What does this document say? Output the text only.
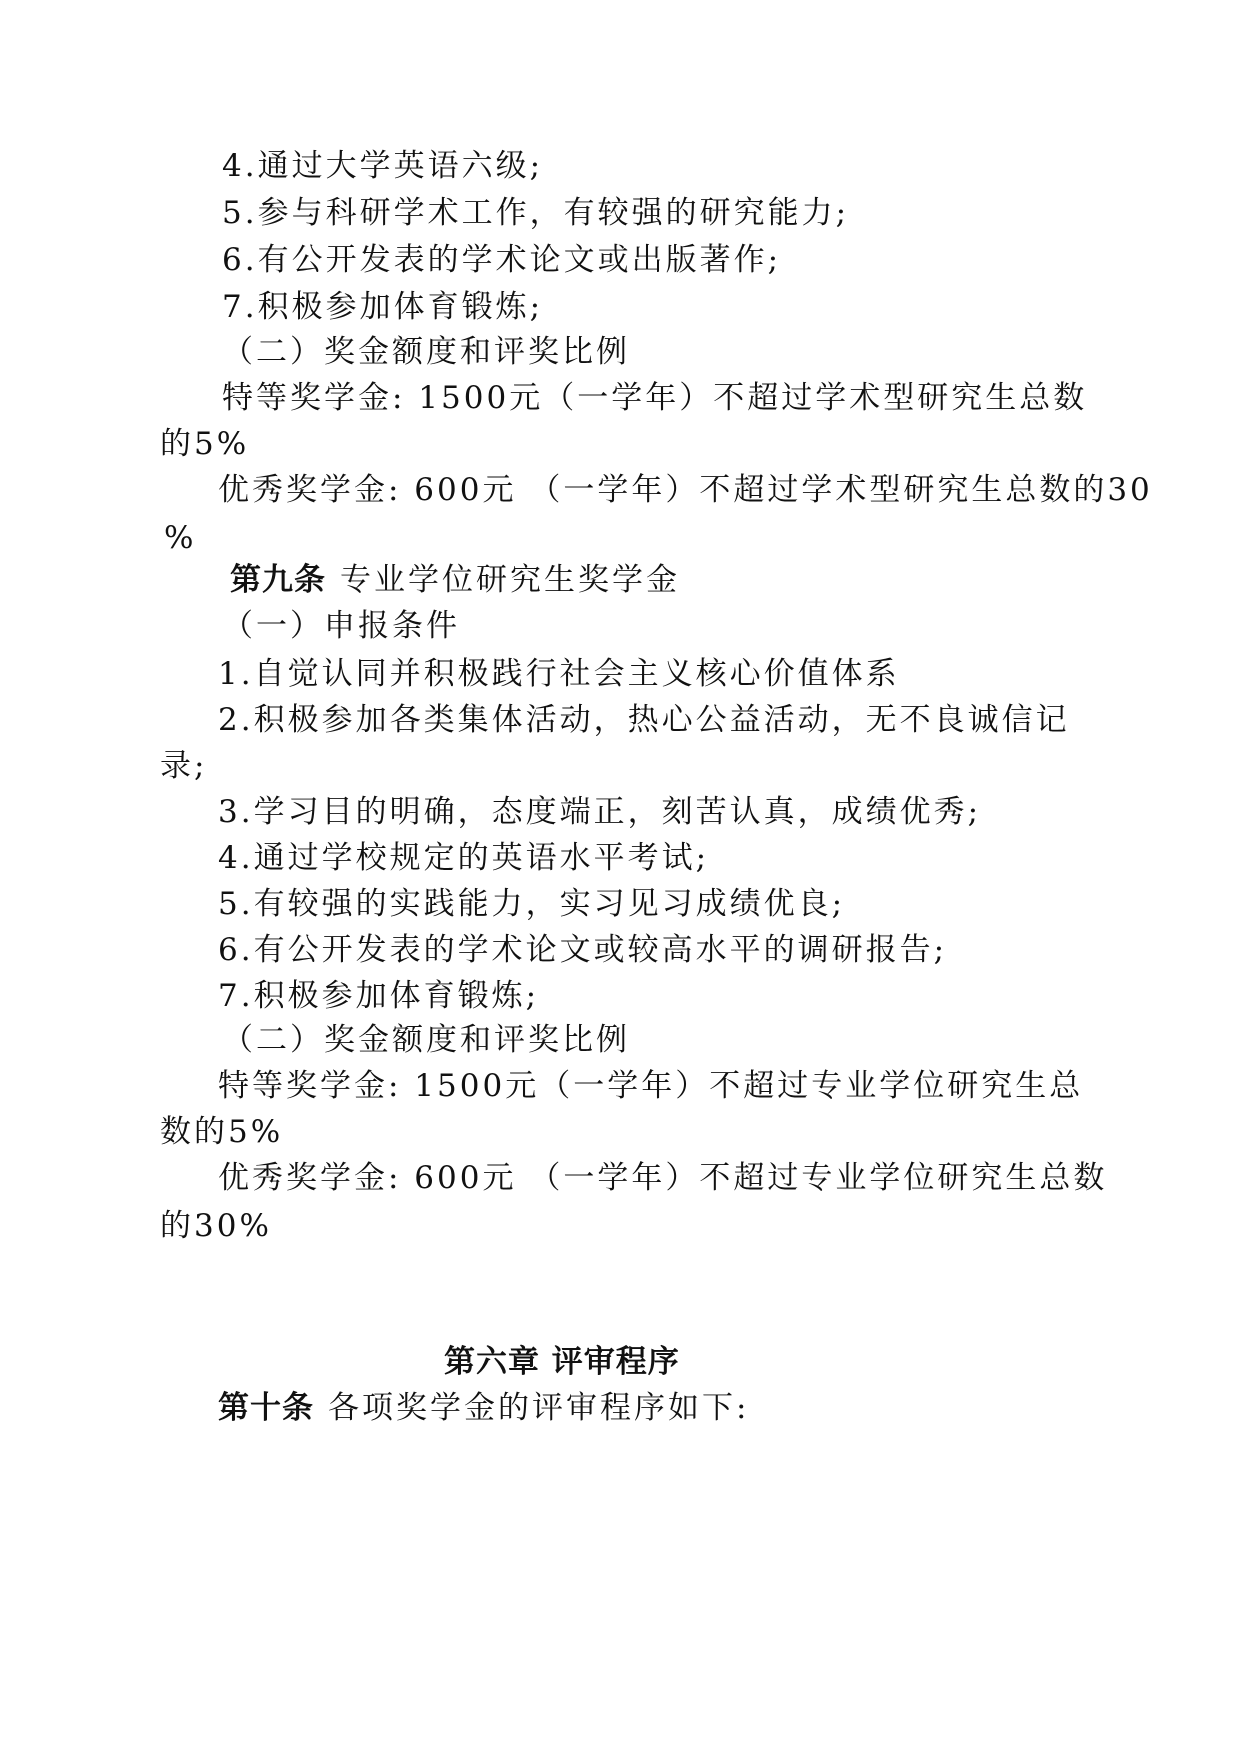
4.通过大学英语六级;

5.参与科研学术工作，有较强的研究能力;

6.有公开发表的学术论文或出版著作;

7.积极参加体育锻炼;

（二）奖金额度和评奖比例

特等奖学金: 1500元（一学年）不超过学术型研究生总数

的5%

优秀奖学金: 600元 （一学年）不超过学术型研究生总数的30

%

第九条 专业学位研究生奖学金

（一）申报条件

1.自觉认同并积极践行社会主义核心价值体系

2.积极参加各类集体活动，热心公益活动，无不良诚信记

录;

3.学习目的明确，态度端正，刻苦认真，成绩优秀;

4.通过学校规定的英语水平考试;

5.有较强的实践能力，实习见习成绩优良;

6.有公开发表的学术论文或较高水平的调研报告;

7.积极参加体育锻炼;

（二）奖金额度和评奖比例

特等奖学金: 1500元（一学年）不超过专业学位研究生总

数的5%

优秀奖学金: 600元 （一学年）不超过专业学位研究生总数

的30%

第六章 评审程序

第十条 各项奖学金的评审程序如下:
